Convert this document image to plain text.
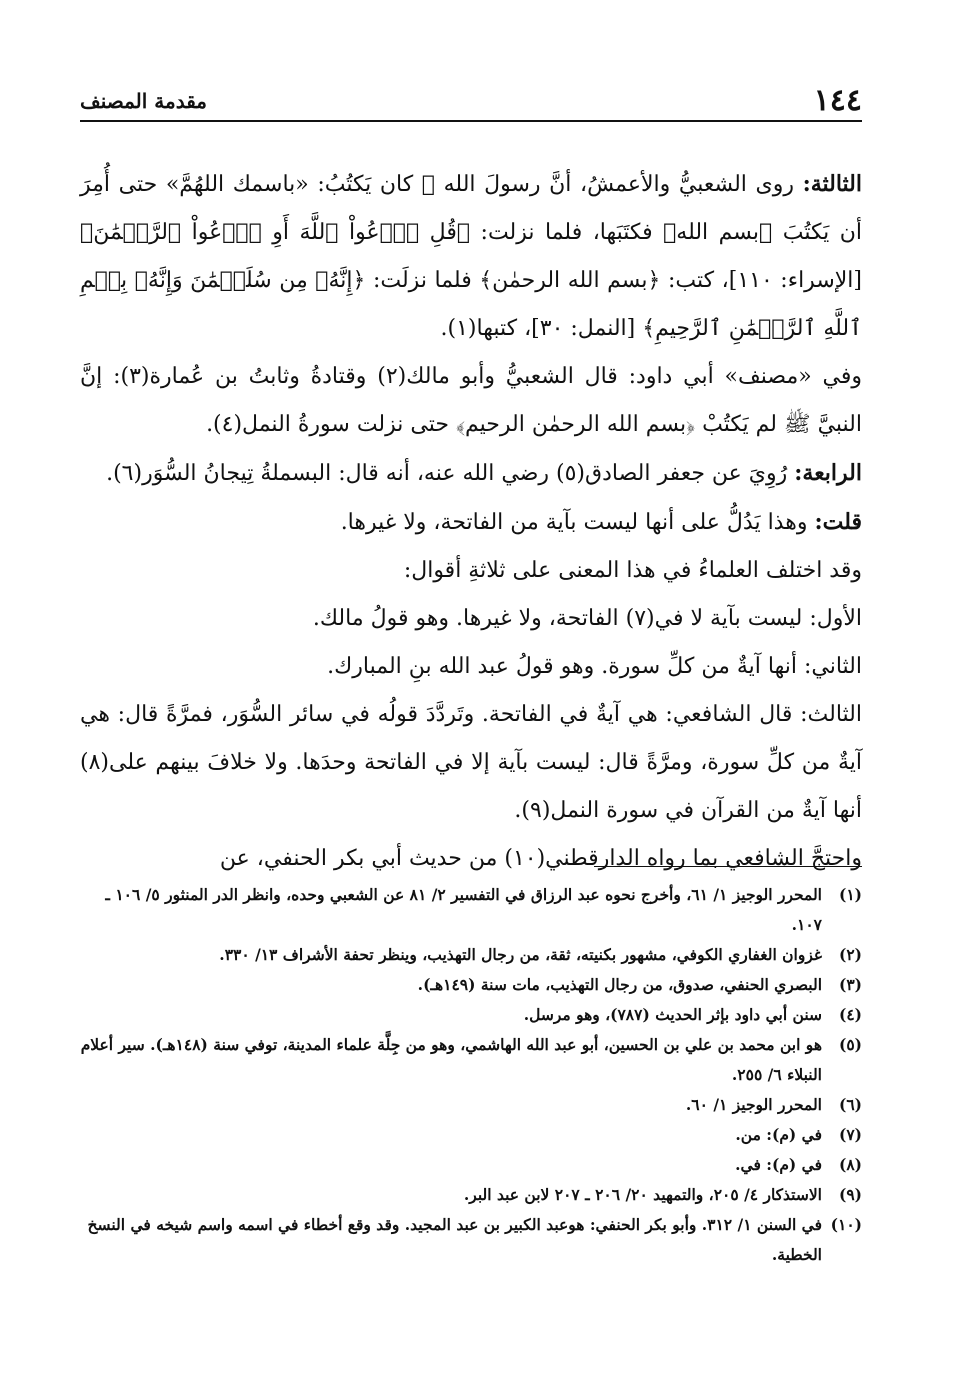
١٤٤
مقدمة المصنف

الثالثة: روى الشعبيُّ والأعمشُ، أنَّ رسولَ الله ﷺ كان يَكتُبُ: «باسمك اللهُمَّ» حتى أُمِرَ أن يَكتُبَ ﴿بسم الله﴾ فكتَبَها، فلما نزلت: ﴿قُلِ ٱدۡعُواْ ٱللَّهَ أَوِ ٱدۡعُواْ ٱلرَّحۡمَٰنَ﴾ [الإسراء: ١١٠]، كتب: ﴿بسم الله الرحمٰن﴾ فلما نزلَت: ﴿إِنَّهُۥ مِن سُلَيۡمَٰنَ وَإِنَّهُۥ بِسۡمِ ٱللَّهِ ٱلرَّحۡمَٰنِ ٱلرَّحِيمِ﴾ [النمل: ٣٠]، كتبها(١).

وفي «مصنف» أبي داود: قال الشعبيُّ وأبو مالك(٢) وقتادةُ وثابتُ بن عُمارة(٣): إنَّ النبيَّ ﷺ لم يَكتُبْ ﴿بسم الله الرحمٰن الرحيم﴾ حتى نزلت سورةُ النمل(٤).

الرابعة: رُوِيَ عن جعفر الصادق(٥) رضي الله عنه، أنه قال: البسملةُ تِيجانُ السُّوَر(٦).

قلت: وهذا يَدُلُّ على أنها ليست بآية من الفاتحة، ولا غيرها.

وقد اختلف العلماءُ في هذا المعنى على ثلاثةِ أقوال:

الأول: ليست بآية لا في(٧) الفاتحة، ولا غيرها. وهو قولُ مالك.

الثاني: أنها آيةٌ من كلِّ سورة. وهو قولُ عبد الله بنِ المبارك.

الثالث: قال الشافعي: هي آيةٌ في الفاتحة. وتَردَّدَ قولُه في سائر السُّوَر، فمرَّةً قال: هي آيةٌ من كلِّ سورة، ومرَّةً قال: ليست بآية إلا في الفاتحة وحدَها. ولا خلافَ بينهم على(٨) أنها آيةٌ من القرآن في سورة النمل(٩).

واحتجَّ الشافعي بما رواه الدارقطني(١٠) من حديث أبي بكر الحنفي، عن

(١)
المحرر الوجيز ١/ ٦١، وأخرج نحوه عبد الرزاق في التفسير ٢/ ٨١ عن الشعبي وحده، وانظر الدر المنثور ٥/ ١٠٦ ـ ١٠٧.
(٢)
غزوان الغفاري الكوفي، مشهور بكنيته، ثقة، من رجال التهذيب، وينظر تحفة الأشراف ١٣/ ٣٣٠.
(٣)
البصري الحنفي، صدوق، من رجال التهذيب، مات سنة (١٤٩هـ).
(٤)
سنن أبي داود بإثر الحديث (٧٨٧)، وهو مرسل.
(٥)
هو ابن محمد بن علي بن الحسين، أبو عبد الله الهاشمي، وهو من جِلَّة علماء المدينة، توفي سنة (١٤٨هـ). سير أعلام النبلاء ٦/ ٢٥٥.
(٦)
المحرر الوجيز ١/ ٦٠.
(٧)
في (م): من.
(٨)
في (م): في.
(٩)
الاستذكار ٤/ ٢٠٥، والتمهيد ٢٠/ ٢٠٦ ـ ٢٠٧ لابن عبد البر.
(١٠)
في السنن ١/ ٣١٢. وأبو بكر الحنفي: هوعبد الكبير بن عبد المجيد. وقد وقع أخطاء في اسمه واسم شيخه في النسخ الخطية.
